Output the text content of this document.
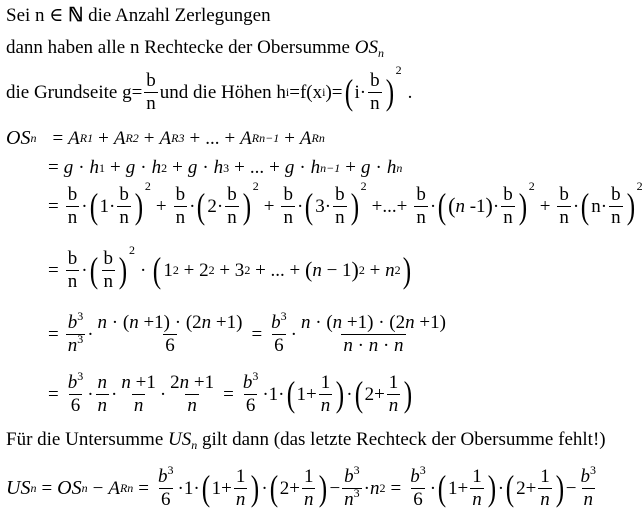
Sei n ∈ ℕ die Anzahl Zerlegungen
dann haben alle n Rechtecke der Obersumme $OS_n$
die Grundseite $g= \frac{b}{n}$ und die Höhen h i =f(x i )= ( $i\cdot \frac{b}{n}$ )
2
.
OS n = A R1 + A R2 + A R3 + ... + A Rn−1 + A Rn
= g · h 1 + g · h 2 + g · h 3 + ... + g · h n−1 + g · h n
= $\frac{b}{n}$ · ( $1\cdot \frac{b}{n}$ )
2
+ $\frac{b}{n}$ · ( $2\cdot \frac{b}{n}$ )
2
+ $\frac{b}{n}$ · ( $3\cdot \frac{b}{n}$ )
2
+...+ $\frac{b}{n}$ · ( ( n -1 ) · $\frac{b}{n}$ )
2
+ $\frac{b}{n}$ · ( $n\cdot \frac{b}{n}$ )
2
= $\frac{b}{n}$ · ( $\frac{b}{n}$ )
2
· ( 1 2 + 2 2 + 3 2 + ... + ( n − 1 ) 2 + n 2 )
= $\frac{b^3}{n^3} \cdot \frac{n \cdot (n +1) \cdot (2n +1)}{6} = \frac{b^3}{6} \cdot \frac{n \cdot (n +1) \cdot (2n +1)}{n \cdot n \cdot n}$
= $\frac{b^3}{6} \cdot \frac{n}{n} \cdot \frac{n +1}{n} \cdot \frac{2n +1}{n} = \frac{b^3}{6} \cdot 1\cdot$ ( $1+ \frac{1}{n}$ ) · ( $2+ \frac{1}{n}$ )
Für die Untersumme $US_n$ gilt dann (das letzte Rechteck der Obersumme fehlt!)
US n = OS n − A $Rn = \frac{b^3}{6} \cdot 1\cdot$ ( $1+ \frac{1}{n}$ ) · ( $2+ \frac{1}{n}$ ) − $\frac{b^3}{n^3} \cdot n$ $2 = \frac{b^3}{6}$ · ( $1+ \frac{1}{n}$ ) · ( $2+ \frac{1}{n}$ ) − $\frac{b^3}{n}$
